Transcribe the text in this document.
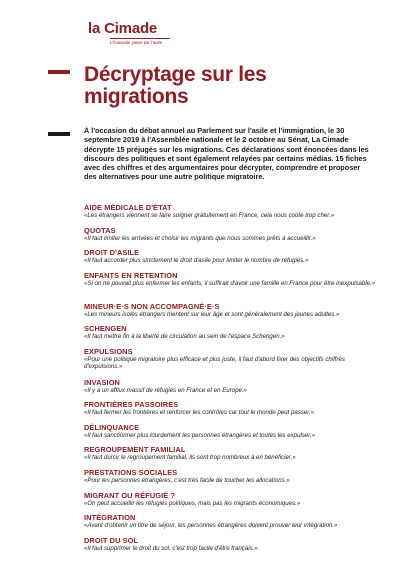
la Cimade
L'humanité passe par l'autre
Décryptage sur les migrations

À l'occasion du débat annuel au Parlement sur l'asile et l'immigration, le 30 septembre 2019 à l'Assemblée nationale et le 2 octobre au Sénat, La Cimade décrypte 15 préjugés sur les migrations. Ces déclarations sont énoncées dans les discours des politiques et sont également relayées par certains médias. 15 fiches avec des chiffres et des argumentaires pour décrypter, comprendre et proposer des alternatives pour une autre politique migratoire.

AIDE MÉDICALE D'ÉTAT
«Les étrangers viennent se faire soigner gratuitement en France, cela nous coûte trop cher.»
QUOTAS
«Il faut limiter les arrivées et choisir les migrants que nous sommes prêts à accueillir.»
DROIT D'ASILE
«Il faut accorder plus strictement le droit d'asile pour limiter le nombre de réfugiés.»
ENFANTS EN RETENTION
«Si on ne pouvait plus enfermer les enfants, il suffirait d'avoir une famille en France pour être inexpulsable.»
MINEUR·E·S NON ACCOMPAGNÉ·E·S
«Les mineurs isolés étrangers mentent sur leur âge et sont généralement des jeunes adultes.»
SCHENGEN
«Il faut mettre fin à la liberté de circulation au sein de l'espace Schengen.»
EXPULSIONS
«Pour une politique migratoire plus efficace et plus juste, il faut d'abord fixer des objectifs chiffrés d'expulsions.»
INVASION
«Il y a un afflux massif de réfugiés en France et en Europe.»
FRONTIÈRES PASSOIRES
«Il faut fermer les frontières et renforcer les contrôles car tout le monde peut passer.»
DÉLINQUANCE
«Il faut sanctionner plus lourdement les personnes étrangères et toutes les expulser.»
REGROUPEMENT FAMILIAL
«Il faut durcir le regroupement familial, ils sont trop nombreux à en bénéficier.»
PRESTATIONS SOCIALES
«Pour les personnes étrangères, c'est très facile de toucher les allocations.»
MIGRANT OU RÉFUGIÉ ?
«On peut accueillir les réfugiés politiques, mais pas les migrants économiques.»
INTÉGRATION
«Avant d'obtenir un titre de séjour, les personnes étrangères doivent prouver leur intégration.»
DROIT DU SOL
«Il faut supprimer le droit du sol, c'est trop facile d'être français.»
